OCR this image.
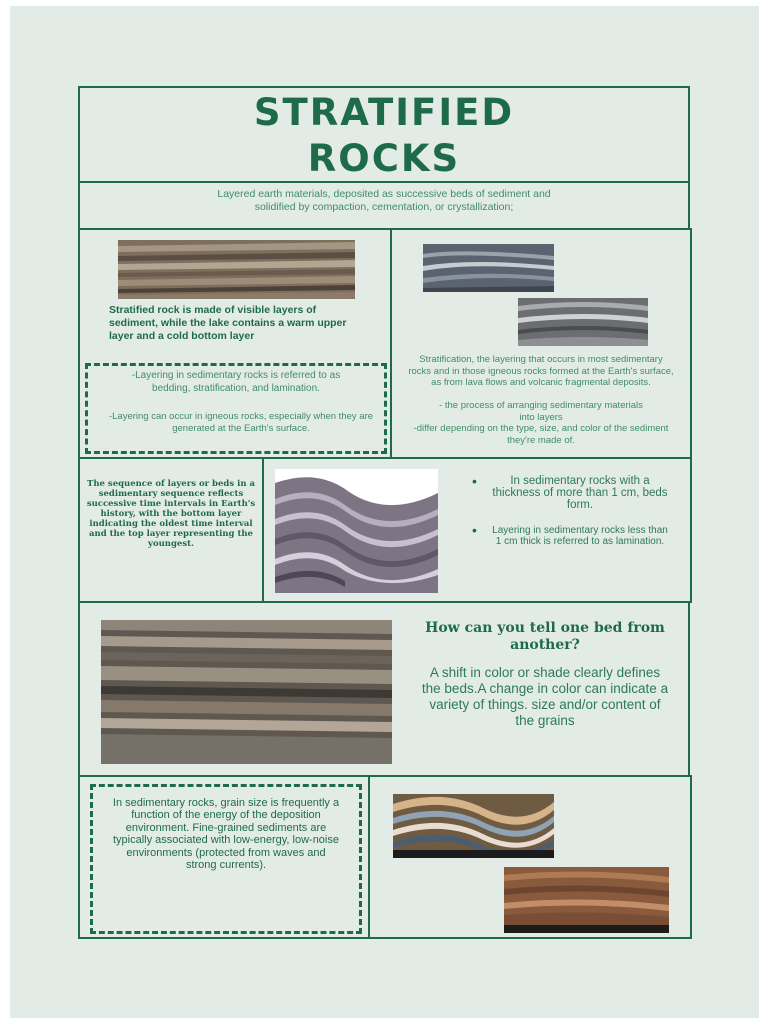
STRATIFIED
ROCKS
Layered earth materials, deposited as successive beds of sediment and solidified by compaction, cementation, or crystallization;
Stratified rock is made of visible layers of sediment, while the lake contains a warm upper layer and a cold bottom layer
-Layering in sedimentary rocks is referred to as bedding, stratification, and lamination.
-Layering can occur in igneous rocks, especially when they are generated at the Earth's surface.
Stratification, the layering that occurs in most sedimentary rocks and in those igneous rocks formed at the Earth's surface, as from lava flows and volcanic fragmental deposits.
- the process of arranging sedimentary materials into layers
-differ depending on the type, size, and color of the sediment they're made of.
The sequence of layers or beds in a sedimentary sequence reflects successive time intervals in Earth's history, with the bottom layer indicating the oldest time interval and the top layer representing the youngest.
• In sedimentary rocks with a thickness of more than 1 cm, beds form.
• Layering in sedimentary rocks less than 1 cm thick is referred to as lamination.
How can you tell one bed from another?
A shift in color or shade clearly defines the beds.A change in color can indicate a variety of things. size and/or content of the grains
In sedimentary rocks, grain size is frequently a function of the energy of the deposition environment. Fine-grained sediments are typically associated with low-energy, low-noise environments (protected from waves and strong currents).
